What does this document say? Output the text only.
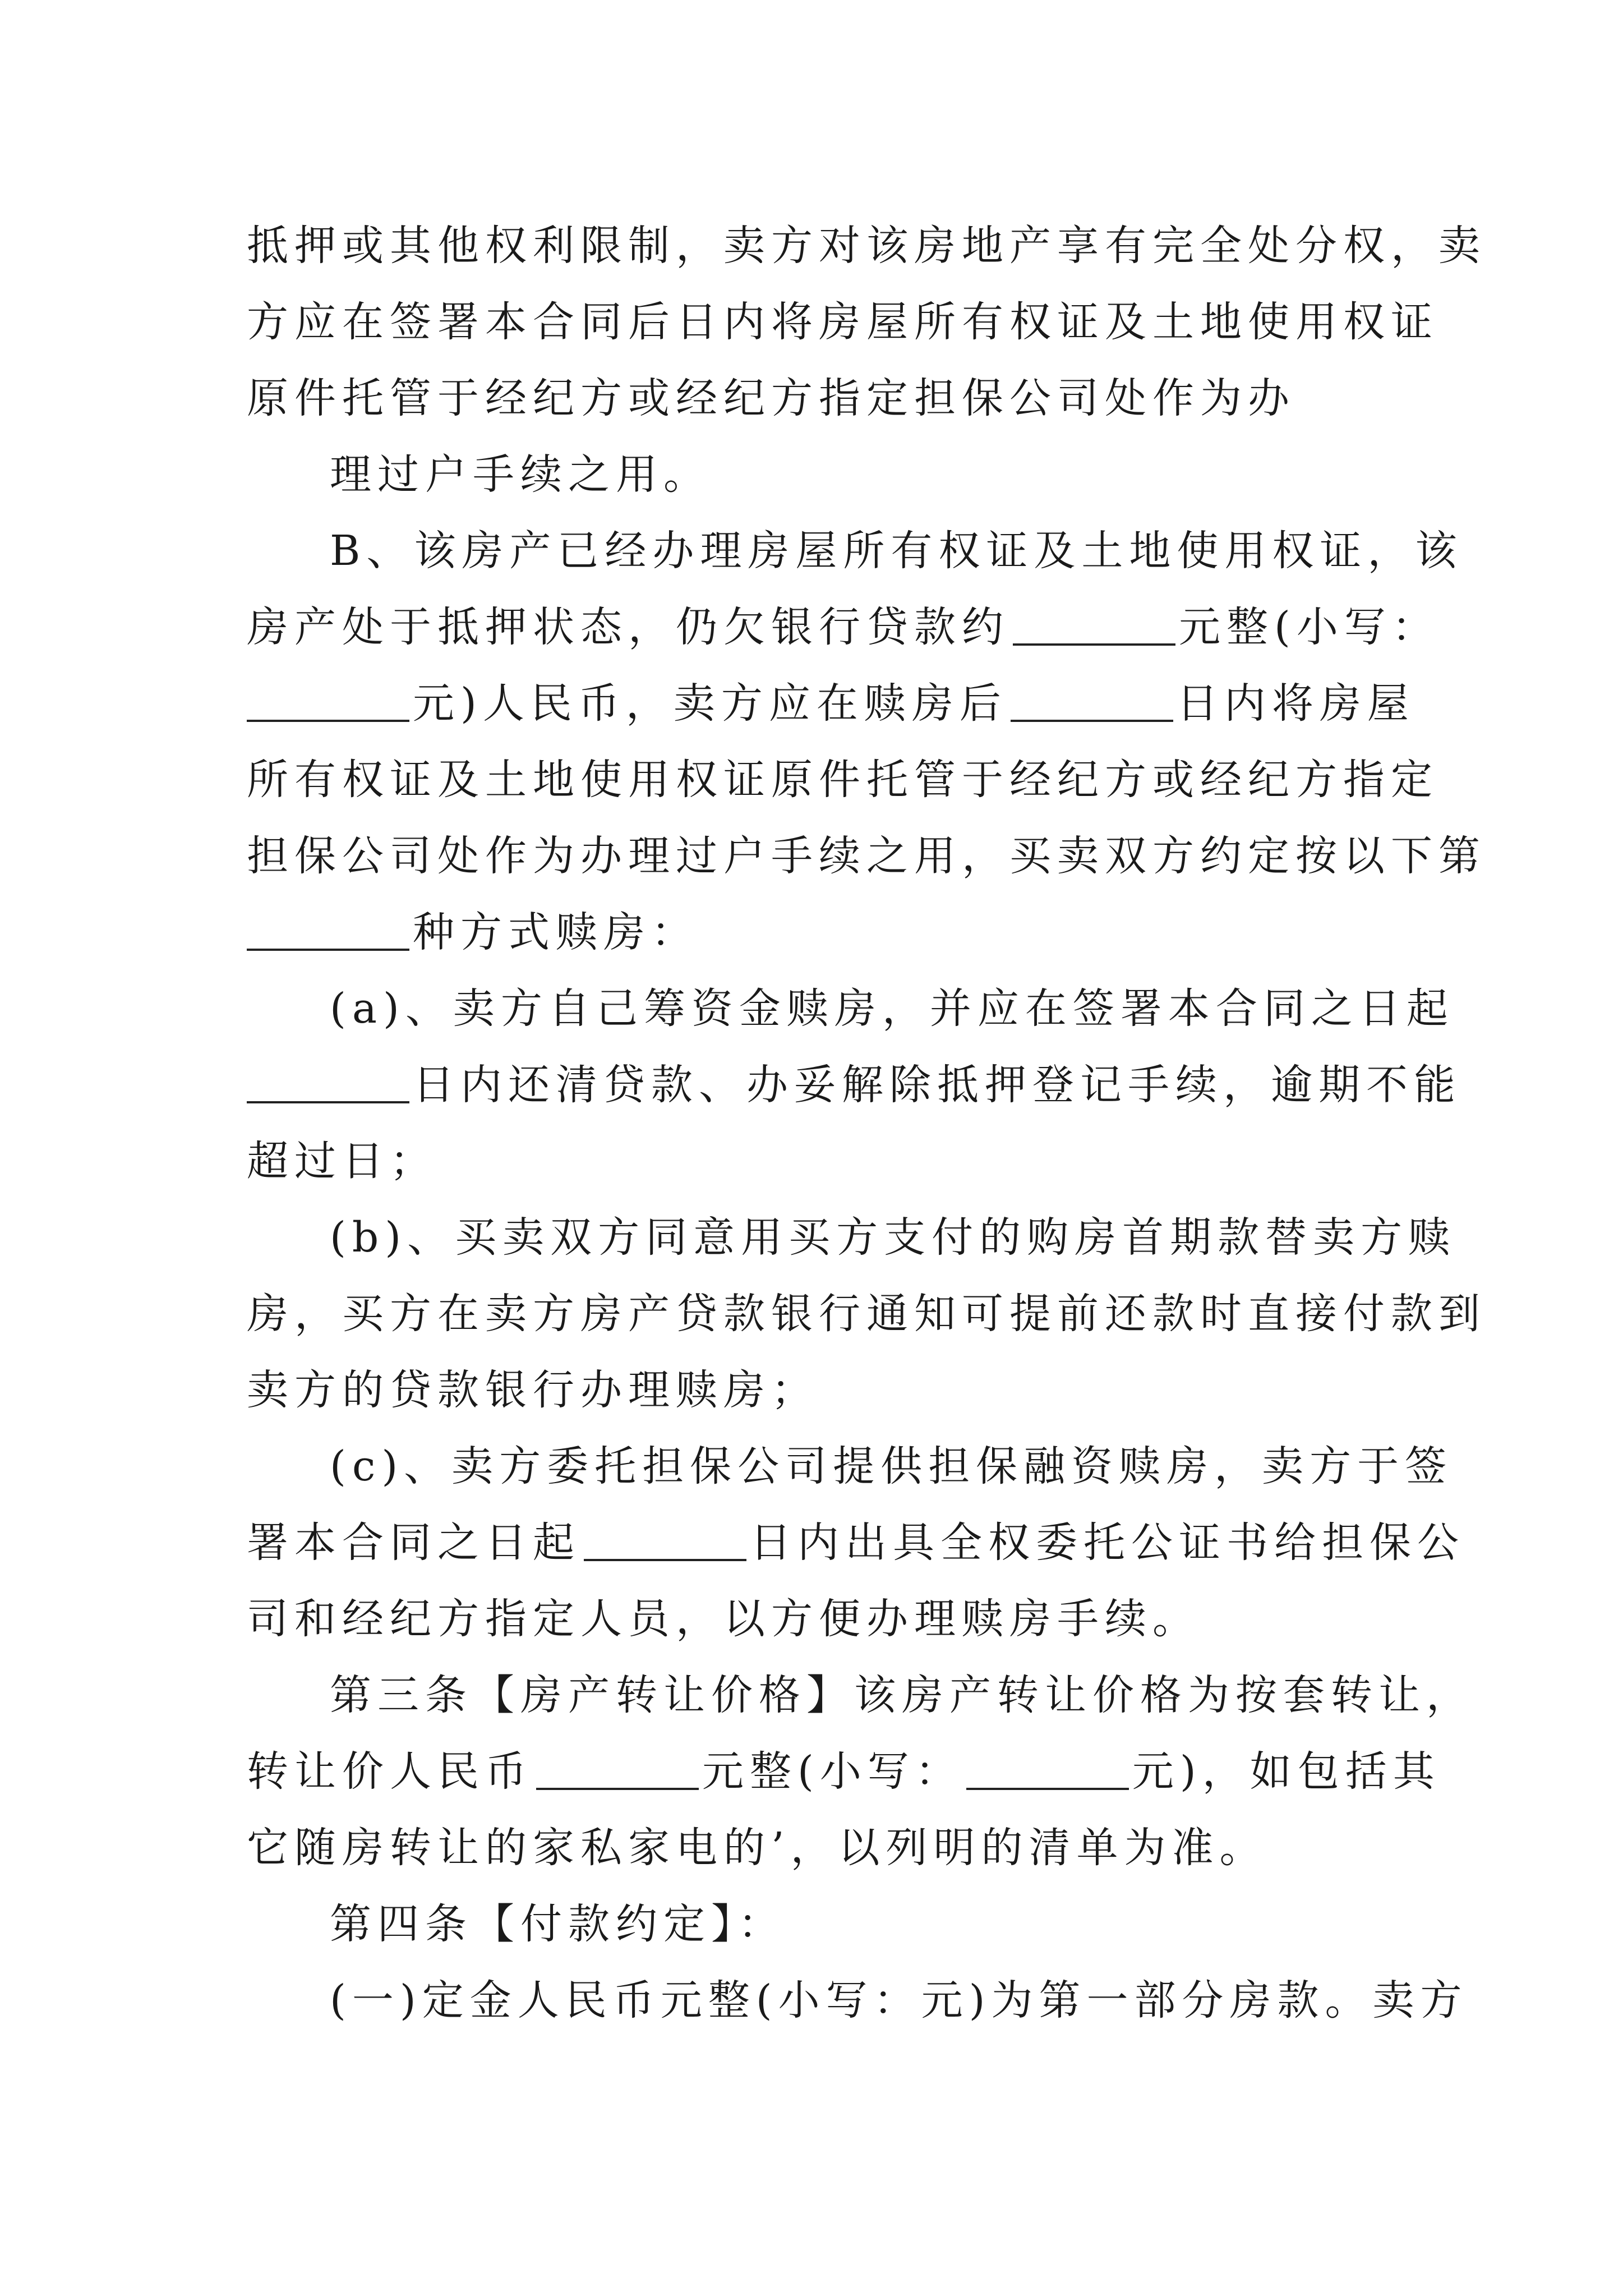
抵押或其他权利限制，卖方对该房地产享有完全处分权，卖
方应在签署本合同后日内将房屋所有权证及土地使用权证
原件托管于经纪方或经纪方指定担保公司处作为办
理过户手续之用。
B、该房产已经办理房屋所有权证及土地使用权证，该
房产处于抵押状态，仍欠银行贷款约	元整(小写：
元)人民币，卖方应在赎房后	日内将房屋
所有权证及土地使用权证原件托管于经纪方或经纪方指定
担保公司处作为办理过户手续之用，买卖双方约定按以下第
种方式赎房：
(a)、卖方自己筹资金赎房，并应在签署本合同之日起
日内还清贷款、办妥解除抵押登记手续，逾期不能
超过日；
(b)、买卖双方同意用买方支付的购房首期款替卖方赎
房，买方在卖方房产贷款银行通知可提前还款时直接付款到
卖方的贷款银行办理赎房；
(c)、卖方委托担保公司提供担保融资赎房，卖方于签
署本合同之日起	日内出具全权委托公证书给担保公
司和经纪方指定人员，以方便办理赎房手续。
第三条【房产转让价格】该房产转让价格为按套转让，
转让价人民币	元整(小写：	元)，如包括其
它随房转让的家私家电的’，以列明的清单为准。
第四条【付款约定】：
(一)定金人民币元整(小写：元)为第一部分房款。卖方
